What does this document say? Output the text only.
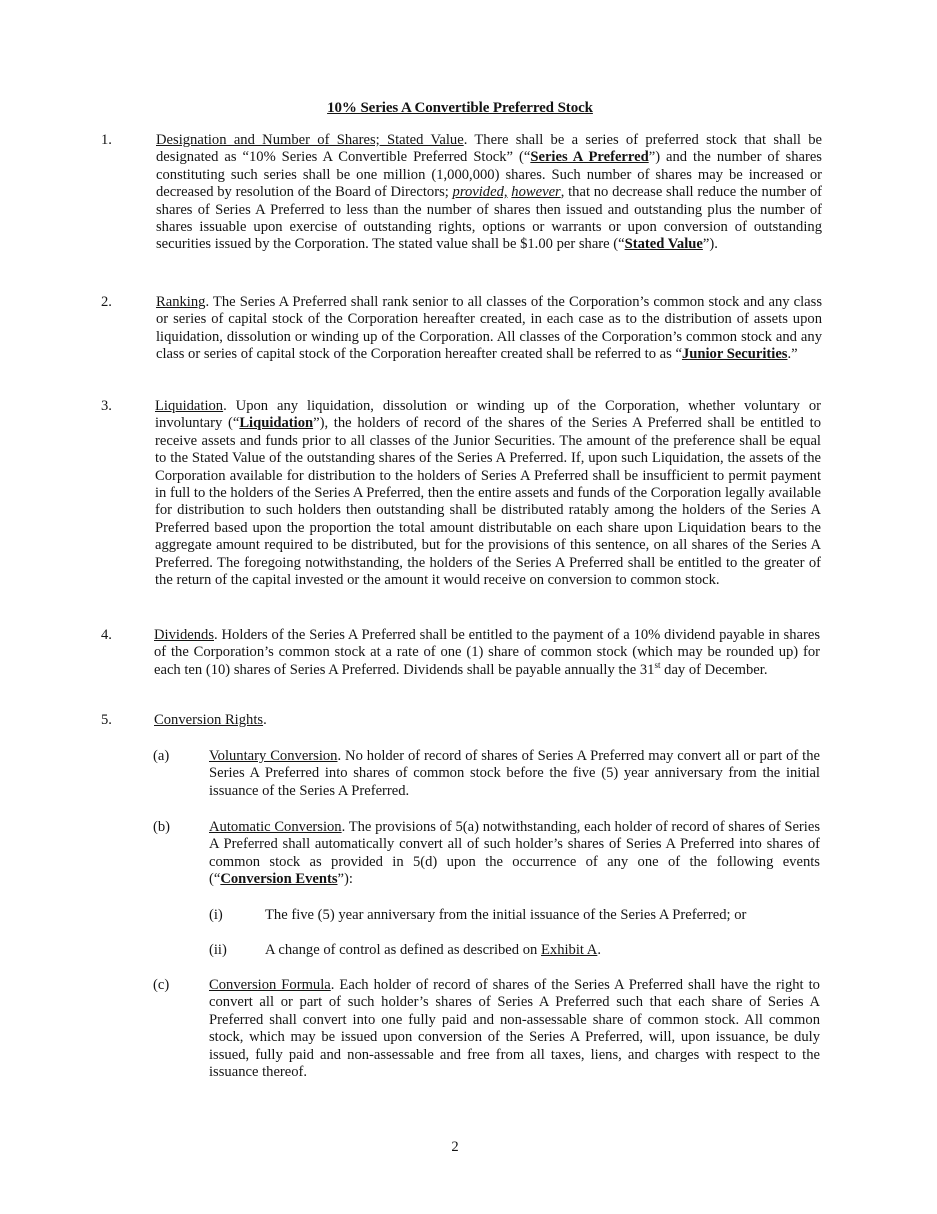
10% Series A Convertible Preferred Stock
1.	Designation and Number of Shares; Stated Value. There shall be a series of preferred stock that shall be designated as “10% Series A Convertible Preferred Stock” (“Series A Preferred”) and the number of shares constituting such series shall be one million (1,000,000) shares. Such number of shares may be increased or decreased by resolution of the Board of Directors; provided, however, that no decrease shall reduce the number of shares of Series A Preferred to less than the number of shares then issued and outstanding plus the number of shares issuable upon exercise of outstanding rights, options or warrants or upon conversion of outstanding securities issued by the Corporation. The stated value shall be $1.00 per share (“Stated Value”).
2.	Ranking. The Series A Preferred shall rank senior to all classes of the Corporation’s common stock and any class or series of capital stock of the Corporation hereafter created, in each case as to the distribution of assets upon liquidation, dissolution or winding up of the Corporation. All classes of the Corporation’s common stock and any class or series of capital stock of the Corporation hereafter created shall be referred to as “Junior Securities.”
3.	Liquidation. Upon any liquidation, dissolution or winding up of the Corporation, whether voluntary or involuntary (“Liquidation”), the holders of record of the shares of the Series A Preferred shall be entitled to receive assets and funds prior to all classes of the Junior Securities. The amount of the preference shall be equal to the Stated Value of the outstanding shares of the Series A Preferred. If, upon such Liquidation, the assets of the Corporation available for distribution to the holders of Series A Preferred shall be insufficient to permit payment in full to the holders of the Series A Preferred, then the entire assets and funds of the Corporation legally available for distribution to such holders then outstanding shall be distributed ratably among the holders of the Series A Preferred based upon the proportion the total amount distributable on each share upon Liquidation bears to the aggregate amount required to be distributed, but for the provisions of this sentence, on all shares of the Series A Preferred. The foregoing notwithstanding, the holders of the Series A Preferred shall be entitled to the greater of the return of the capital invested or the amount it would receive on conversion to common stock.
4.	Dividends. Holders of the Series A Preferred shall be entitled to the payment of a 10% dividend payable in shares of the Corporation’s common stock at a rate of one (1) share of common stock (which may be rounded up) for each ten (10) shares of Series A Preferred. Dividends shall be payable annually the 31st day of December.
5.	Conversion Rights.
(a)	Voluntary Conversion. No holder of record of shares of Series A Preferred may convert all or part of the Series A Preferred into shares of common stock before the five (5) year anniversary from the initial issuance of the Series A Preferred.
(b)	Automatic Conversion. The provisions of 5(a) notwithstanding, each holder of record of shares of Series A Preferred shall automatically convert all of such holder’s shares of Series A Preferred into shares of common stock as provided in 5(d) upon the occurrence of any one of the following events (“Conversion Events”):
(i)	The five (5) year anniversary from the initial issuance of the Series A Preferred; or
(ii)	A change of control as defined as described on Exhibit A.
(c)	Conversion Formula. Each holder of record of shares of the Series A Preferred shall have the right to convert all or part of such holder’s shares of Series A Preferred such that each share of Series A Preferred shall convert into one fully paid and non-assessable share of common stock. All common stock, which may be issued upon conversion of the Series A Preferred, will, upon issuance, be duly issued, fully paid and non-assessable and free from all taxes, liens, and charges with respect to the issuance thereof.
2
